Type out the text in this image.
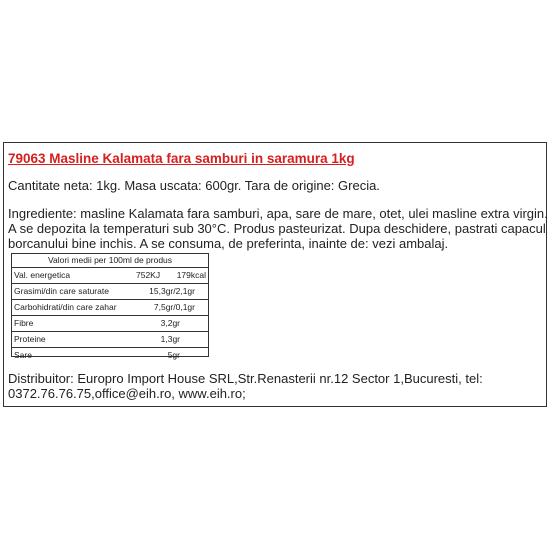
79063 Masline Kalamata fara samburi in saramura 1kg
Cantitate neta: 1kg. Masa uscata: 600gr. Tara de origine: Grecia.
Ingrediente: masline Kalamata fara samburi, apa, sare de mare, otet, ulei masline extra virgin.
A se depozita la temperaturi sub 30°C. Produs pasteurizat. Dupa deschidere, pastrati capacul
borcanului bine inchis. A se consuma, de preferinta, inainte de: vezi ambalaj.
Valori medii per 100ml de produs
Val. energetica	752KJ 179kcal
Grasimi/din care saturate	15,3gr/2,1gr
Carbohidrati/din care zahar	7,5gr/0,1gr
Fibre	3,2gr
Proteine	1,3gr
Sare	5gr
Distribuitor: Europro Import House SRL,Str.Renasterii nr.12 Sector 1,Bucuresti, tel:
0372.76.76.75,office@eih.ro, www.eih.ro;
